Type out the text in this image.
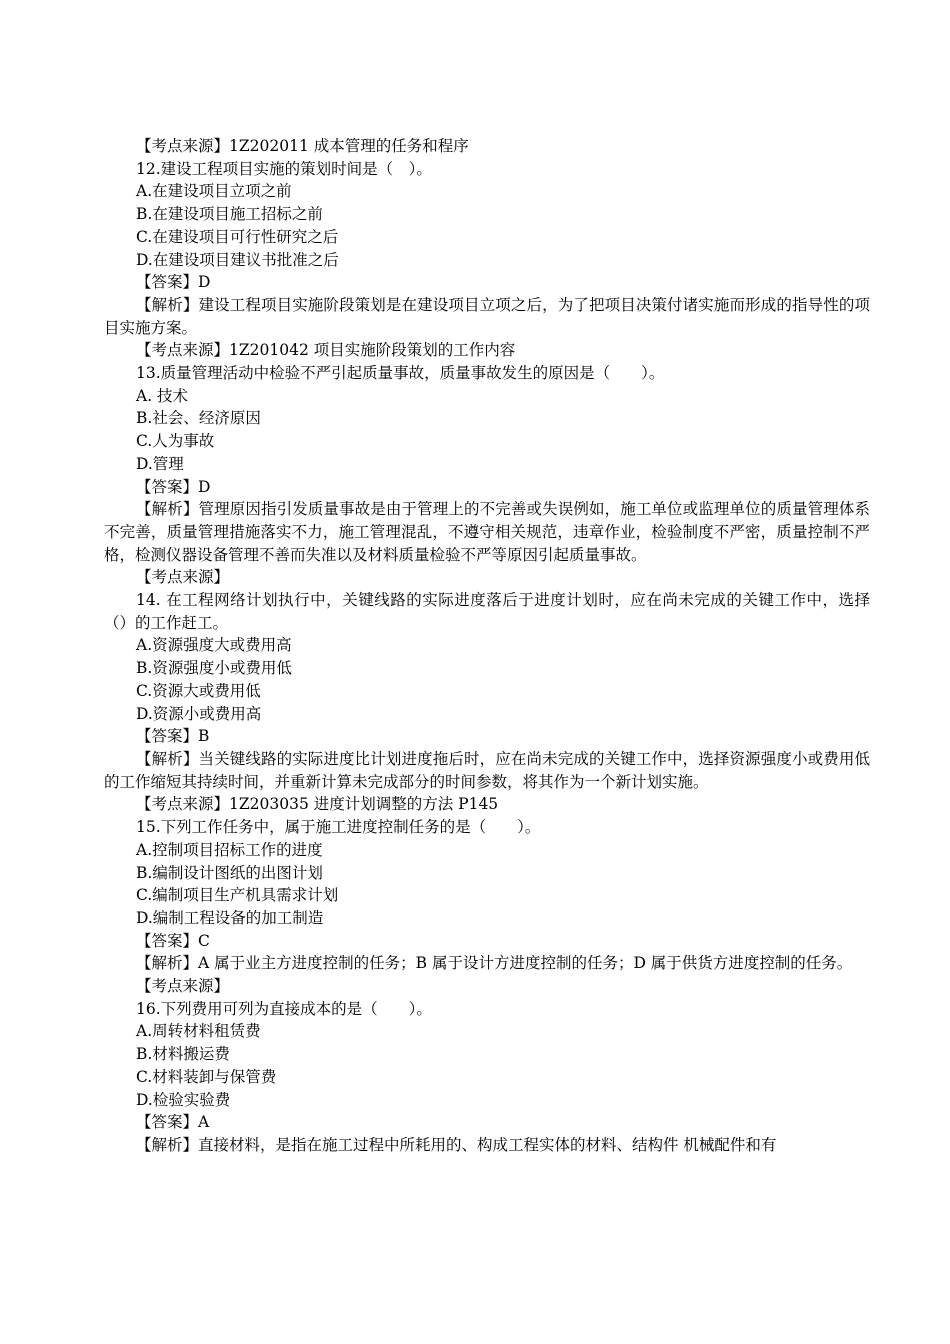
【考点来源】1Z202011 成本管理的任务和程序

12.建设工程项目实施的策划时间是（　）。

A.在建设项目立项之前

B.在建设项目施工招标之前

C.在建设项目可行性研究之后

D.在建设项目建议书批准之后

【答案】D

【解析】建设工程项目实施阶段策划是在建设项目立项之后，为了把项目决策付诸实施而形成的指导性的项目实施方案。

【考点来源】1Z201042 项目实施阶段策划的工作内容

13.质量管理活动中检验不严引起质量事故，质量事故发生的原因是（　　）。

A. 技术

B.社会、经济原因

C.人为事故

D.管理

【答案】D

【解析】管理原因指引发质量事故是由于管理上的不完善或失误例如，施工单位或监理单位的质量管理体系不完善，质量管理措施落实不力，施工管理混乱，不遵守相关规范，违章作业，检验制度不严密，质量控制不严格，检测仪器设备管理不善而失准以及材料质量检验不严等原因引起质量事故。

【考点来源】

14. 在工程网络计划执行中，关键线路的实际进度落后于进度计划时，应在尚未完成的关键工作中，选择（）的工作赶工。

A.资源强度大或费用高

B.资源强度小或费用低

C.资源大或费用低

D.资源小或费用高

【答案】B

【解析】当关键线路的实际进度比计划进度拖后时，应在尚未完成的关键工作中，选择资源强度小或费用低的工作缩短其持续时间，并重新计算未完成部分的时间参数，将其作为一个新计划实施。

【考点来源】1Z203035 进度计划调整的方法 P145

15.下列工作任务中，属于施工进度控制任务的是（　　）。

A.控制项目招标工作的进度

B.编制设计图纸的出图计划

C.编制项目生产机具需求计划

D.编制工程设备的加工制造

【答案】C

【解析】A 属于业主方进度控制的任务；B 属于设计方进度控制的任务；D 属于供货方进度控制的任务。

【考点来源】

16.下列费用可列为直接成本的是（　　）。

A.周转材料租赁费

B.材料搬运费

C.材料装卸与保管费

D.检验实验费

【答案】A

【解析】直接材料，是指在施工过程中所耗用的、构成工程实体的材料、结构件 机械配件和有
